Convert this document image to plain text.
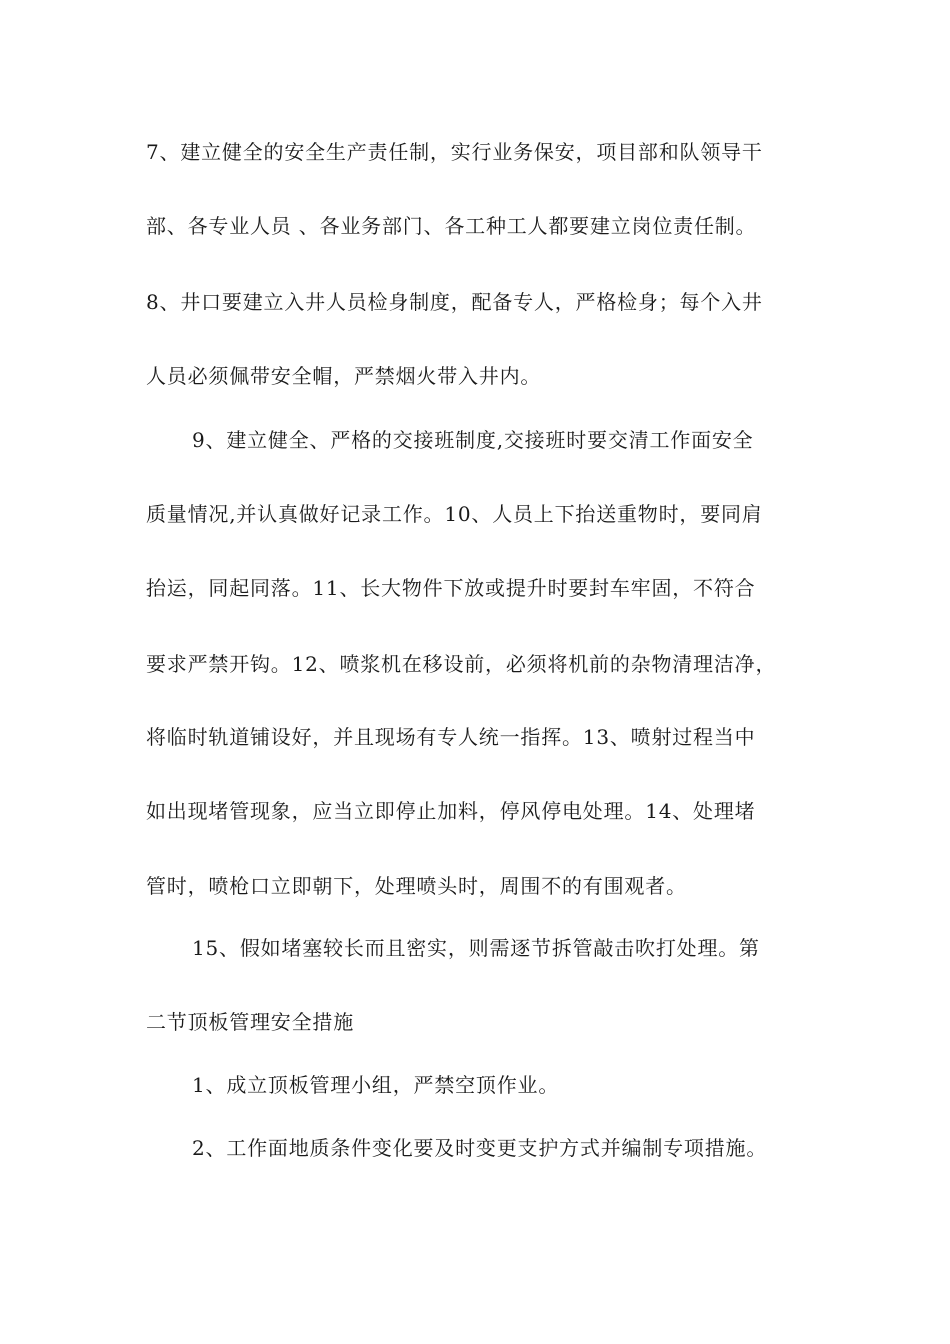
7、建立健全的安全生产责任制，实行业务保安，项目部和队领导干
部、各专业人员 、各业务部门、各工种工人都要建立岗位责任制。
8、井口要建立入井人员检身制度，配备专人，严格检身；每个入井
人员必须佩带安全帽，严禁烟火带入井内。
9、建立健全、严格的交接班制度,交接班时要交清工作面安全
质量情况,并认真做好记录工作。10、人员上下抬送重物时，要同肩
抬运，同起同落。11、长大物件下放或提升时要封车牢固，不符合
要求严禁开钩。12、喷浆机在移设前，必须将机前的杂物清理洁净，
将临时轨道铺设好，并且现场有专人统一指挥。13、喷射过程当中
如出现堵管现象，应当立即停止加料，停风停电处理。14、处理堵
管时，喷枪口立即朝下，处理喷头时，周围不的有围观者。
15、假如堵塞较长而且密实，则需逐节拆管敲击吹打处理。第
二节顶板管理安全措施
1、成立顶板管理小组，严禁空顶作业。
2、工作面地质条件变化要及时变更支护方式并编制专项措施。
